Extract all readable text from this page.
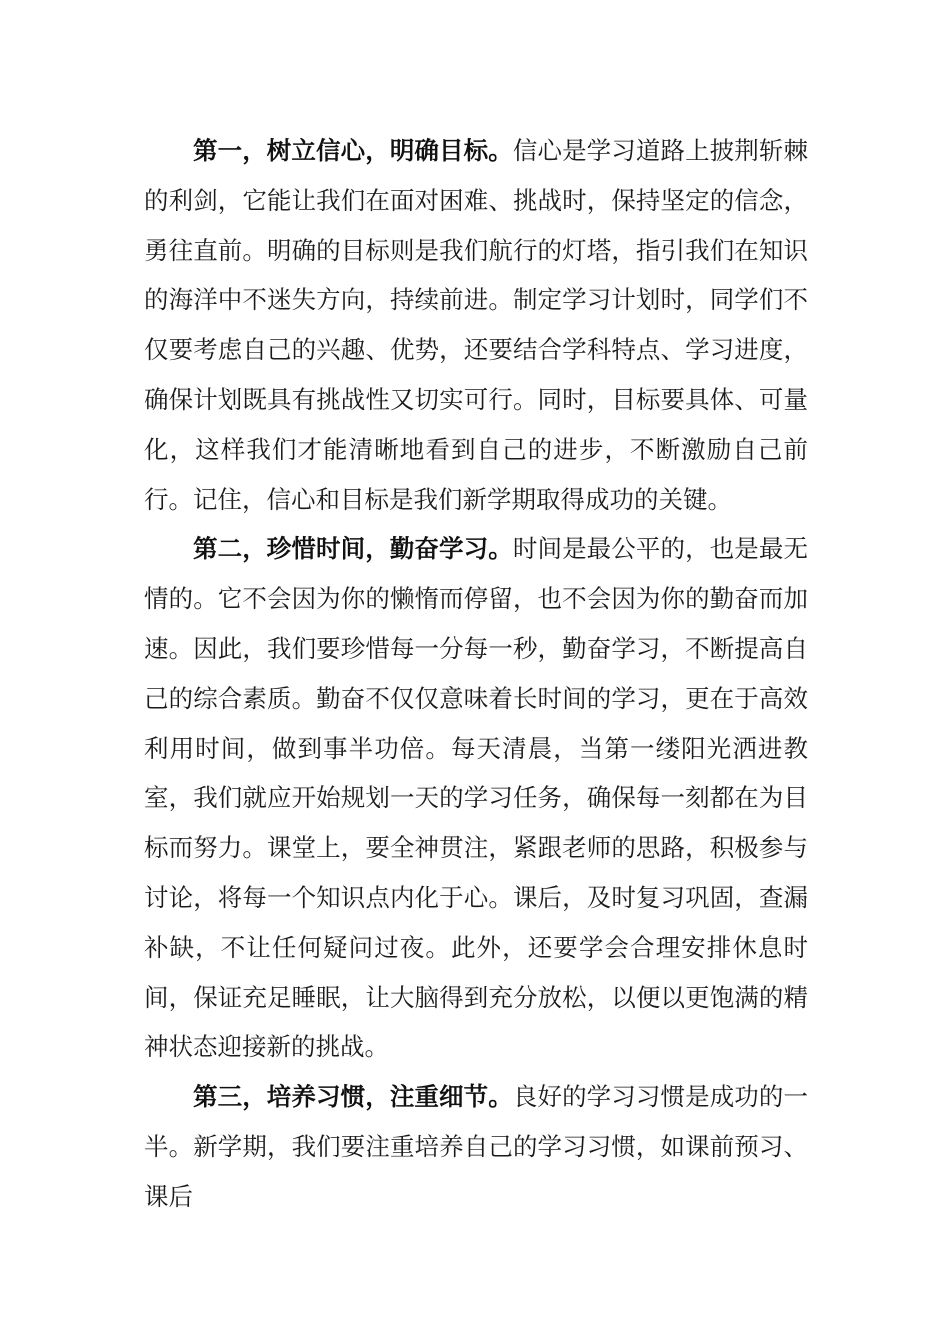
第一，树立信心，明确目标。信心是学习道路上披荆斩棘的利剑，它能让我们在面对困难、挑战时，保持坚定的信念，勇往直前。明确的目标则是我们航行的灯塔，指引我们在知识的海洋中不迷失方向，持续前进。制定学习计划时，同学们不仅要考虑自己的兴趣、优势，还要结合学科特点、学习进度，确保计划既具有挑战性又切实可行。同时，目标要具体、可量化，这样我们才能清晰地看到自己的进步，不断激励自己前行。记住，信心和目标是我们新学期取得成功的关键。

第二，珍惜时间，勤奋学习。时间是最公平的，也是最无情的。它不会因为你的懒惰而停留，也不会因为你的勤奋而加速。因此，我们要珍惜每一分每一秒，勤奋学习，不断提高自己的综合素质。勤奋不仅仅意味着长时间的学习，更在于高效利用时间，做到事半功倍。每天清晨，当第一缕阳光洒进教室，我们就应开始规划一天的学习任务，确保每一刻都在为目标而努力。课堂上，要全神贯注，紧跟老师的思路，积极参与讨论，将每一个知识点内化于心。课后，及时复习巩固，查漏补缺，不让任何疑问过夜。此外，还要学会合理安排休息时间，保证充足睡眠，让大脑得到充分放松，以便以更饱满的精神状态迎接新的挑战。

第三，培养习惯，注重细节。良好的学习习惯是成功的一半。新学期，我们要注重培养自己的学习习惯，如课前预习、课后
